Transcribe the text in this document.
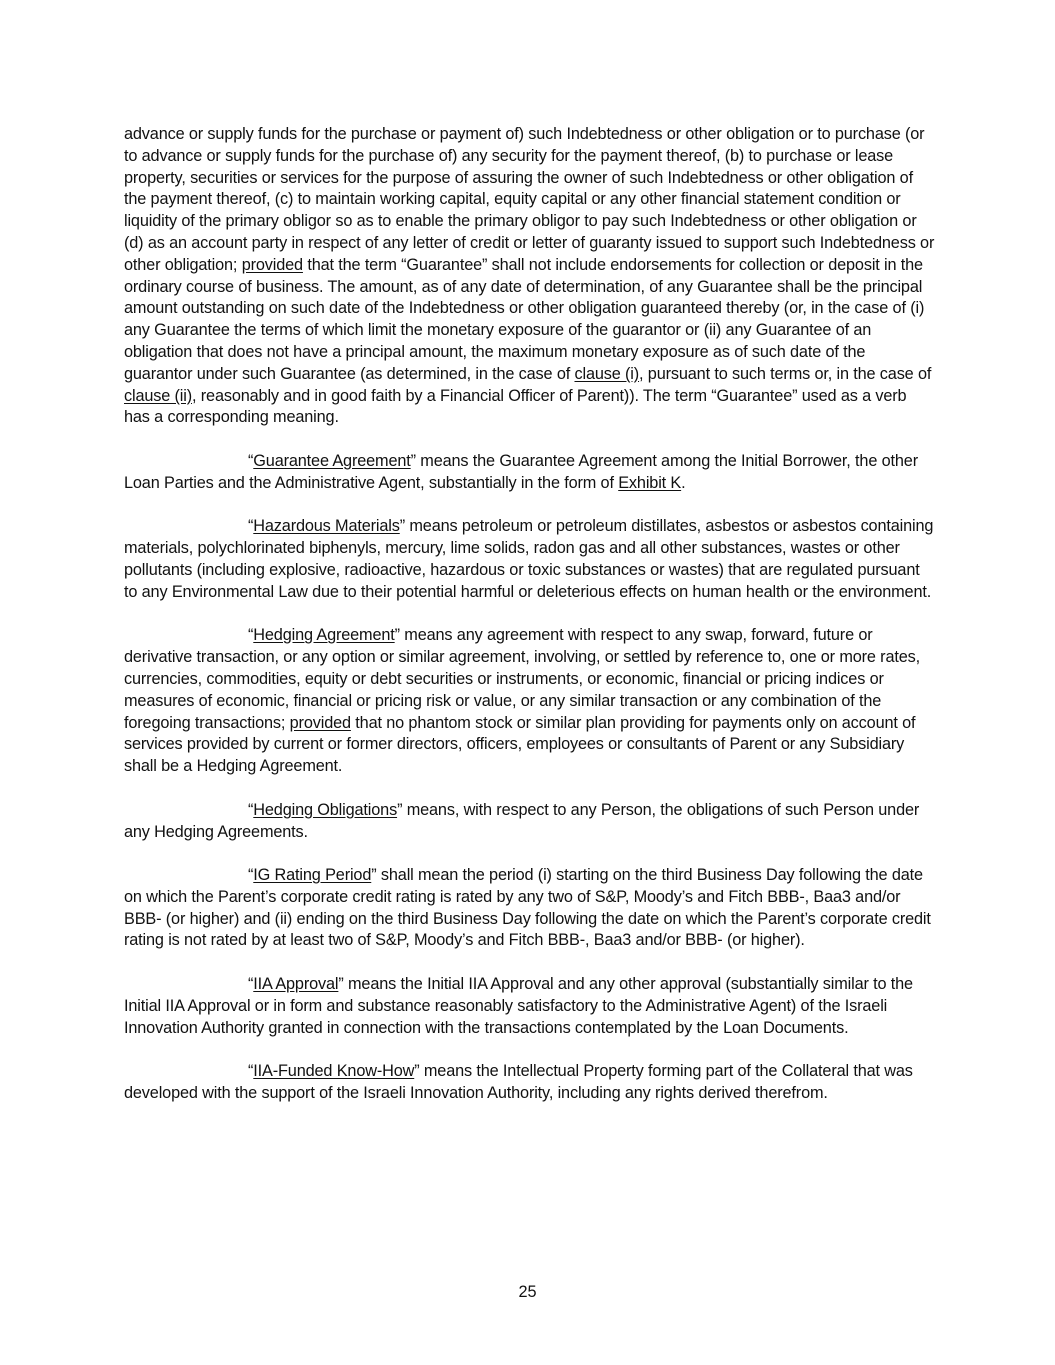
advance or supply funds for the purchase or payment of) such Indebtedness or other obligation or to purchase (or to advance or supply funds for the purchase of) any security for the payment thereof, (b) to purchase or lease property, securities or services for the purpose of assuring the owner of such Indebtedness or other obligation of the payment thereof, (c) to maintain working capital, equity capital or any other financial statement condition or liquidity of the primary obligor so as to enable the primary obligor to pay such Indebtedness or other obligation or (d) as an account party in respect of any letter of credit or letter of guaranty issued to support such Indebtedness or other obligation; provided that the term “Guarantee” shall not include endorsements for collection or deposit in the ordinary course of business. The amount, as of any date of determination, of any Guarantee shall be the principal amount outstanding on such date of the Indebtedness or other obligation guaranteed thereby (or, in the case of (i) any Guarantee the terms of which limit the monetary exposure of the guarantor or (ii) any Guarantee of an obligation that does not have a principal amount, the maximum monetary exposure as of such date of the guarantor under such Guarantee (as determined, in the case of clause (i), pursuant to such terms or, in the case of clause (ii), reasonably and in good faith by a Financial Officer of Parent)). The term “Guarantee” used as a verb has a corresponding meaning.

“Guarantee Agreement” means the Guarantee Agreement among the Initial Borrower, the other Loan Parties and the Administrative Agent, substantially in the form of Exhibit K.

“Hazardous Materials” means petroleum or petroleum distillates, asbestos or asbestos containing materials, polychlorinated biphenyls, mercury, lime solids, radon gas and all other substances, wastes or other pollutants (including explosive, radioactive, hazardous or toxic substances or wastes) that are regulated pursuant to any Environmental Law due to their potential harmful or deleterious effects on human health or the environment.

“Hedging Agreement” means any agreement with respect to any swap, forward, future or derivative transaction, or any option or similar agreement, involving, or settled by reference to, one or more rates, currencies, commodities, equity or debt securities or instruments, or economic, financial or pricing indices or measures of economic, financial or pricing risk or value, or any similar transaction or any combination of the foregoing transactions; provided that no phantom stock or similar plan providing for payments only on account of services provided by current or former directors, officers, employees or consultants of Parent or any Subsidiary shall be a Hedging Agreement.

“Hedging Obligations” means, with respect to any Person, the obligations of such Person under any Hedging Agreements.

“IG Rating Period” shall mean the period (i) starting on the third Business Day following the date on which the Parent’s corporate credit rating is rated by any two of S&P, Moody’s and Fitch BBB-, Baa3 and/or BBB- (or higher) and (ii) ending on the third Business Day following the date on which the Parent’s corporate credit rating is not rated by at least two of S&P, Moody’s and Fitch BBB-, Baa3 and/or BBB- (or higher).

“IIA Approval” means the Initial IIA Approval and any other approval (substantially similar to the Initial IIA Approval or in form and substance reasonably satisfactory to the Administrative Agent) of the Israeli Innovation Authority granted in connection with the transactions contemplated by the Loan Documents.

“IIA-Funded Know-How” means the Intellectual Property forming part of the Collateral that was developed with the support of the Israeli Innovation Authority, including any rights derived therefrom.

25
